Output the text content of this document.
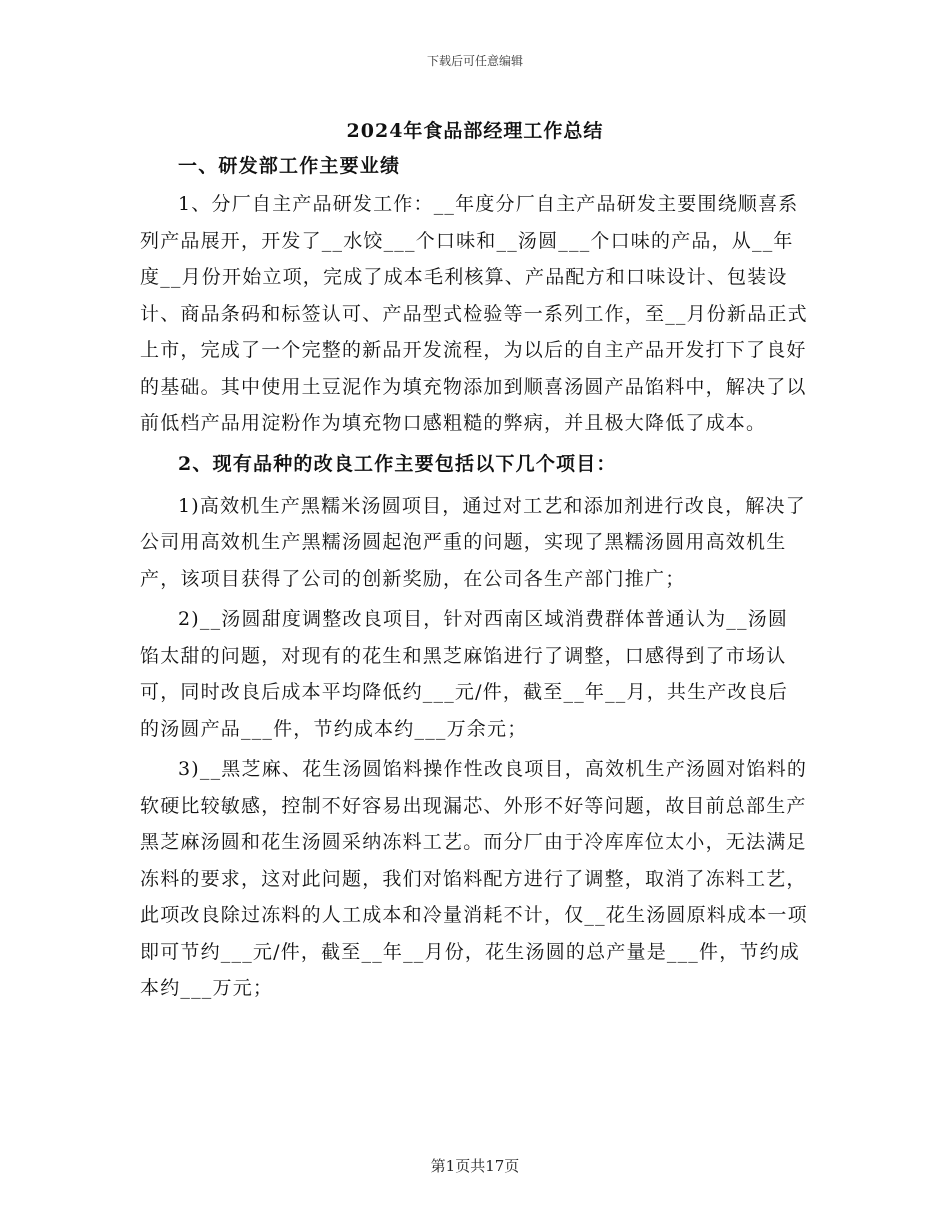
下载后可任意编辑
2024年食品部经理工作总结
一、研发部工作主要业绩

1、分厂自主产品研发工作：__年度分厂自主产品研发主要围绕顺喜系列产品展开，开发了__水饺___个口味和__汤圆___个口味的产品，从__年度__月份开始立项，完成了成本毛利核算、产品配方和口味设计、包装设计、商品条码和标签认可、产品型式检验等一系列工作，至__月份新品正式上市，完成了一个完整的新品开发流程，为以后的自主产品开发打下了良好的基础。其中使用土豆泥作为填充物添加到顺喜汤圆产品馅料中，解决了以前低档产品用淀粉作为填充物口感粗糙的弊病，并且极大降低了成本。

2、现有品种的改良工作主要包括以下几个项目：

1)高效机生产黑糯米汤圆项目，通过对工艺和添加剂进行改良，解决了公司用高效机生产黑糯汤圆起泡严重的问题，实现了黑糯汤圆用高效机生产，该项目获得了公司的创新奖励，在公司各生产部门推广；

2)__汤圆甜度调整改良项目，针对西南区域消费群体普通认为__汤圆馅太甜的问题，对现有的花生和黑芝麻馅进行了调整，口感得到了市场认可，同时改良后成本平均降低约___元/件，截至__年__月，共生产改良后的汤圆产品___件，节约成本约___万余元；

3)__黑芝麻、花生汤圆馅料操作性改良项目，高效机生产汤圆对馅料的软硬比较敏感，控制不好容易出现漏芯、外形不好等问题，故目前总部生产黑芝麻汤圆和花生汤圆采纳冻料工艺。而分厂由于冷库库位太小，无法满足冻料的要求，这对此问题，我们对馅料配方进行了调整，取消了冻料工艺，此项改良除过冻料的人工成本和冷量消耗不计，仅__花生汤圆原料成本一项即可节约___元/件，截至__年__月份，花生汤圆的总产量是___件，节约成本约___万元；

第1页共17页
